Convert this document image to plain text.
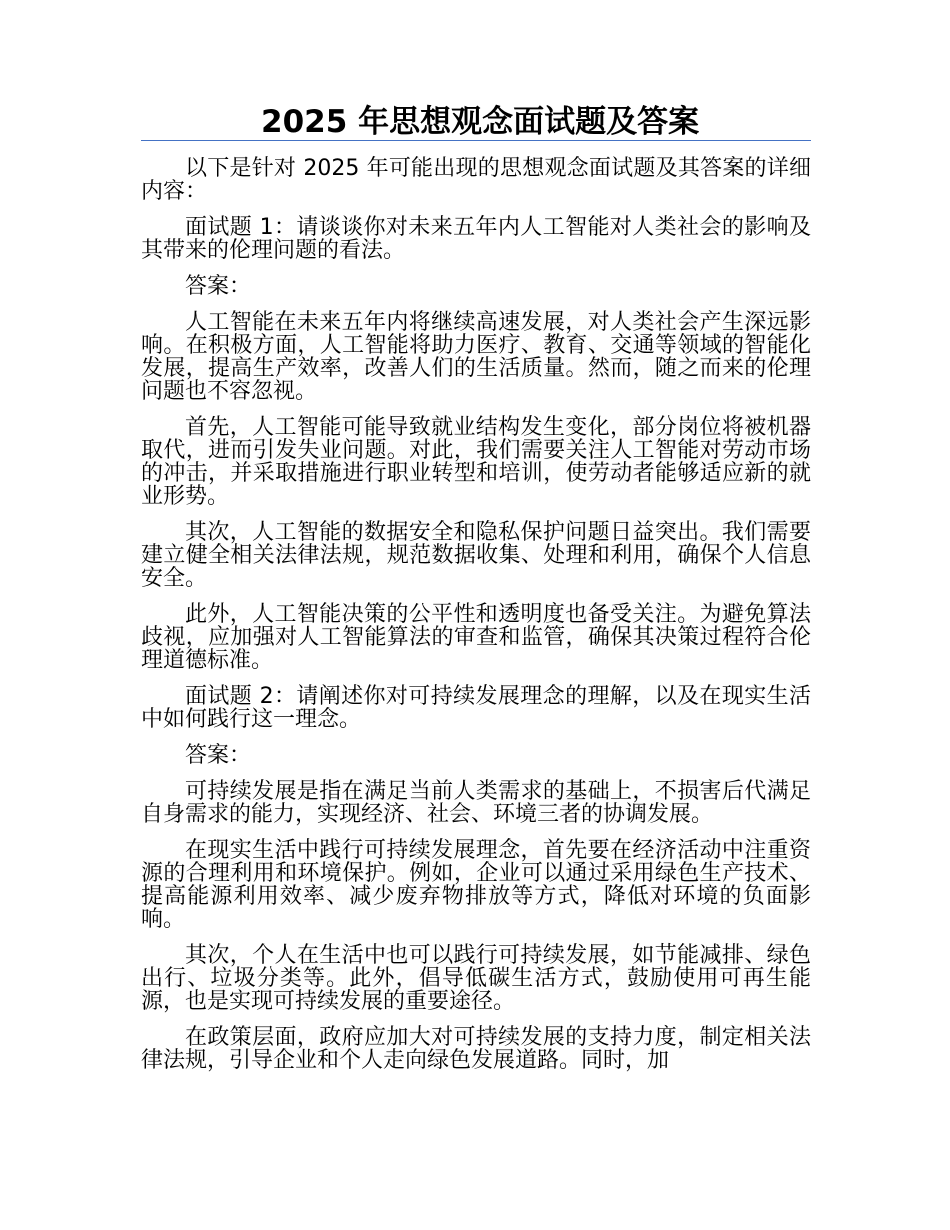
2025 年思想观念面试题及答案

以下是针对 2025 年可能出现的思想观念面试题及其答案的详细内容：

面试题 1：请谈谈你对未来五年内人工智能对人类社会的影响及其带来的伦理问题的看法。

答案：

人工智能在未来五年内将继续高速发展，对人类社会产生深远影响。在积极方面，人工智能将助力医疗、教育、交通等领域的智能化发展，提高生产效率，改善人们的生活质量。然而，随之而来的伦理问题也不容忽视。

首先，人工智能可能导致就业结构发生变化，部分岗位将被机器取代，进而引发失业问题。对此，我们需要关注人工智能对劳动市场的冲击，并采取措施进行职业转型和培训，使劳动者能够适应新的就业形势。

其次，人工智能的数据安全和隐私保护问题日益突出。我们需要建立健全相关法律法规，规范数据收集、处理和利用，确保个人信息安全。

此外，人工智能决策的公平性和透明度也备受关注。为避免算法歧视，应加强对人工智能算法的审查和监管，确保其决策过程符合伦理道德标准。

面试题 2：请阐述你对可持续发展理念的理解，以及在现实生活中如何践行这一理念。

答案：

可持续发展是指在满足当前人类需求的基础上，不损害后代满足自身需求的能力，实现经济、社会、环境三者的协调发展。

在现实生活中践行可持续发展理念，首先要在经济活动中注重资源的合理利用和环境保护。例如，企业可以通过采用绿色生产技术、提高能源利用效率、减少废弃物排放等方式，降低对环境的负面影响。

其次，个人在生活中也可以践行可持续发展，如节能减排、绿色出行、垃圾分类等。此外，倡导低碳生活方式，鼓励使用可再生能源，也是实现可持续发展的重要途径。

在政策层面，政府应加大对可持续发展的支持力度，制定相关法律法规，引导企业和个人走向绿色发展道路。同时，加
